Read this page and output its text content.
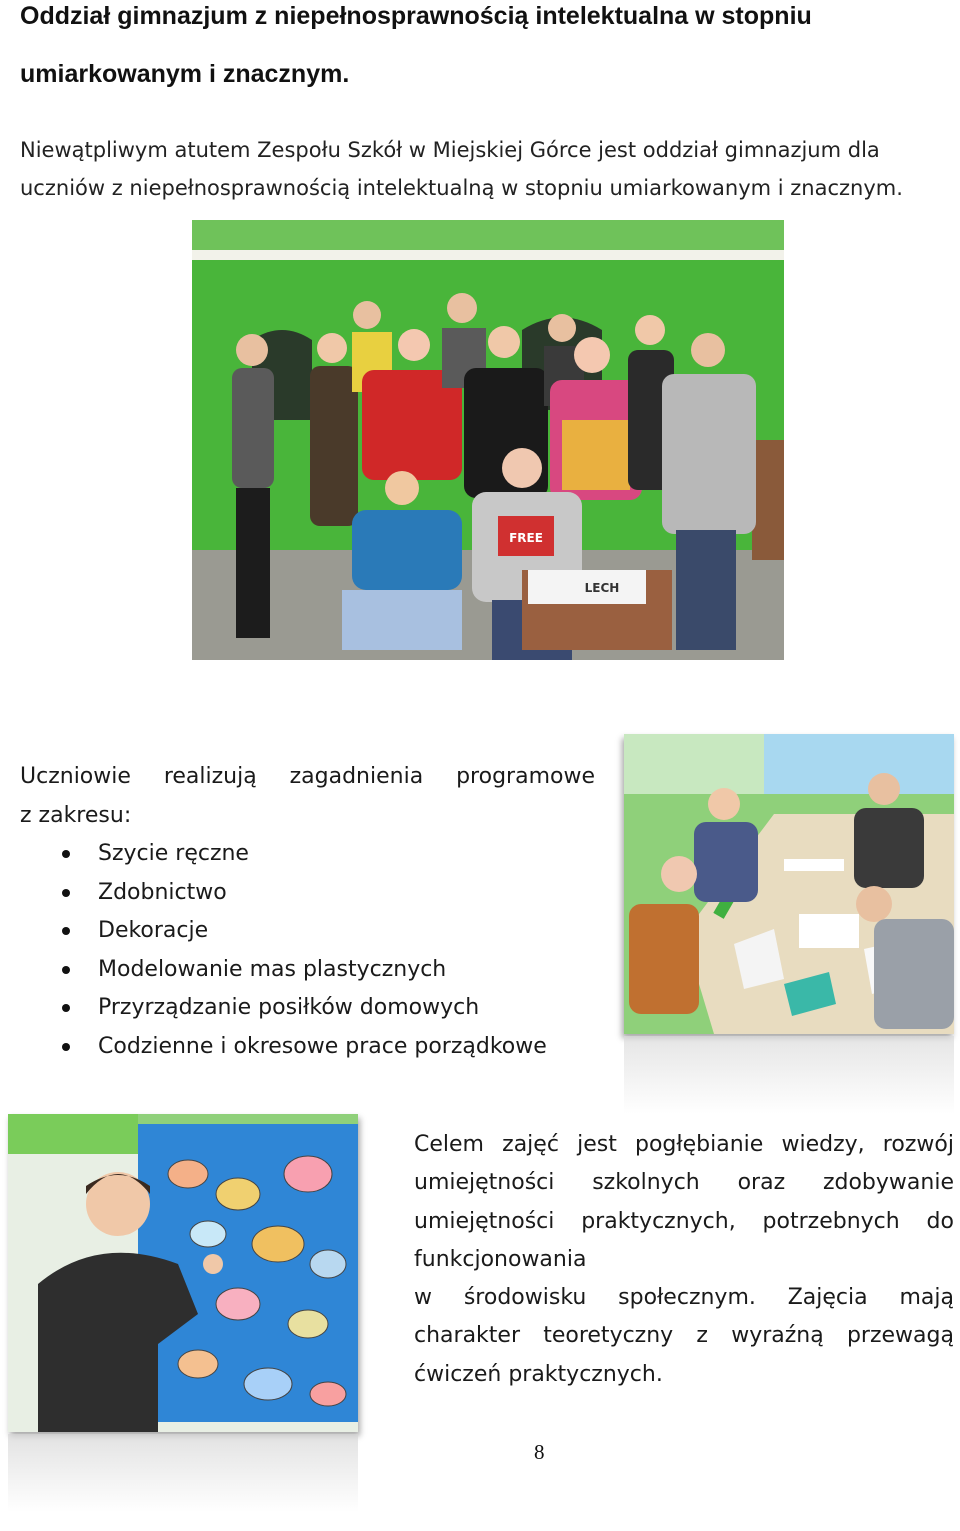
Oddział gimnazjum z niepełnosprawnością intelektualna w stopniu
umiarkowanym i znacznym.

Niewątpliwym atutem Zespołu Szkół w Miejskiej Górce jest oddział gimnazjum dla

uczniów z niepełnosprawnością intelektualną w stopniu umiarkowanym i znacznym.

FREE
LECH
Uczniowie realizują zagadnienia programowe
z zakresu:
Szycie ręczne
Zdobnictwo
Dekoracje
Modelowanie mas plastycznych
Przyrządzanie posiłków domowych
Codzienne i okresowe prace porządkowe
Celem zajęć jest pogłębianie wiedzy, rozwój
umiejętności szkolnych oraz zdobywanie
umiejętności praktycznych, potrzebnych do
funkcjonowania
w środowisku społecznym. Zajęcia mają
charakter teoretyczny z wyraźną przewagą
ćwiczeń praktycznych.
8
